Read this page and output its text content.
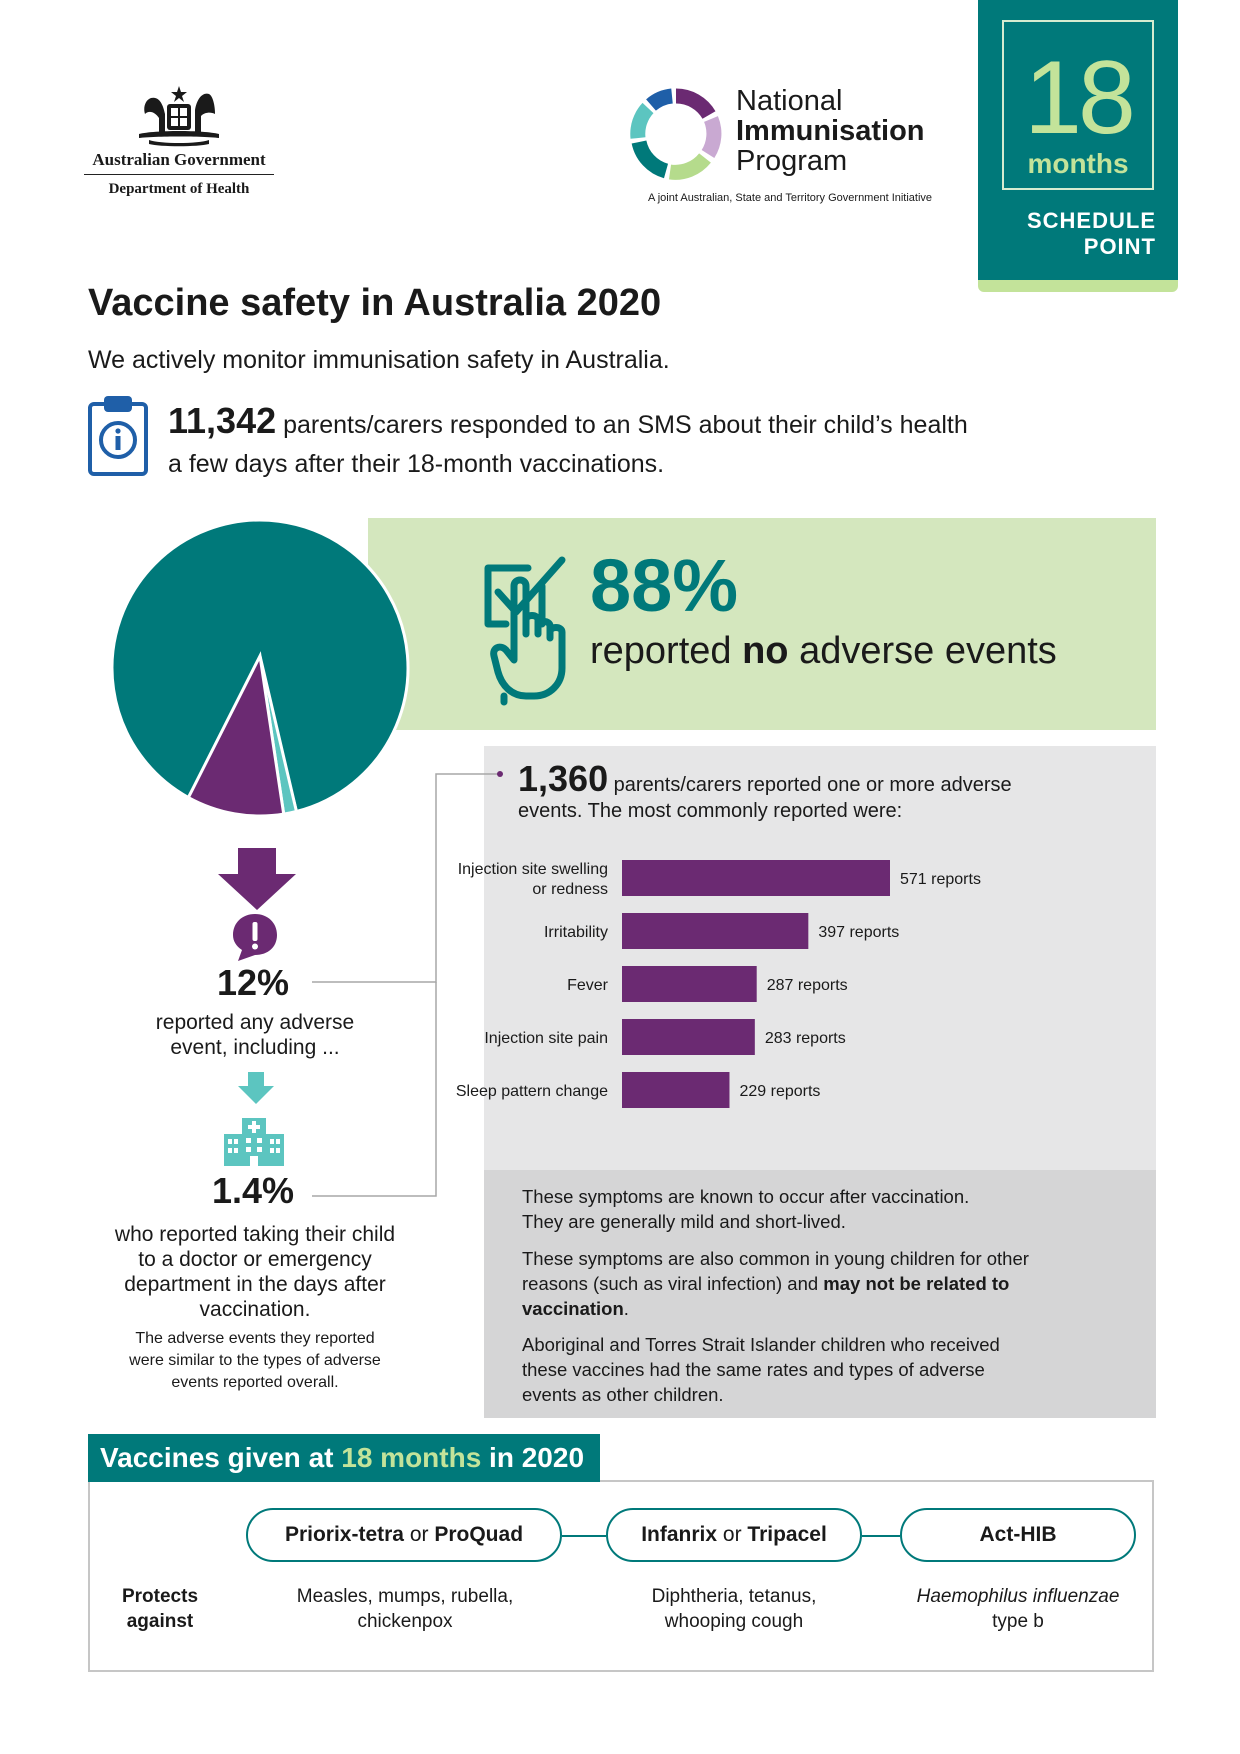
Australian Government
Department of Health
National
Immunisation
Program
A joint Australian, State and Territory Government Initiative
18
months
SCHEDULE
POINT
Vaccine safety in Australia 2020
We actively monitor immunisation safety in Australia.
11,342 parents/carers responded to an SMS about their child’s health
a few days after their 18-month vaccinations.
88%
reported no adverse events
12%
reported any adverse
event, including ...
1.4%
who reported taking their child
to a doctor or emergency
department in the days after
vaccination.
The adverse events they reported
were similar to the types of adverse
events reported overall.
1,360 parents/carers reported one or more adverse
events. The most commonly reported were:
571 reports
Injection site swelling or redness
397 reports
Irritability
287 reports
Fever
283 reports
Injection site pain
229 reports
Sleep pattern change
These symptoms are known to occur after vaccination.
They are generally mild and short-lived.
These symptoms are also common in young children for other
reasons (such as viral infection) and may not be related to
vaccination.
Aboriginal and Torres Strait Islander children who received
these vaccines had the same rates and types of adverse
events as other children.
Vaccines given at 18 months in 2020
Priorix-tetra or ProQuad	Infanrix or Tripacel	Act-HIB
Protects
against
Measles, mumps, rubella,
chickenpox
Diphtheria, tetanus,
whooping cough
Haemophilus influenzae
type b
